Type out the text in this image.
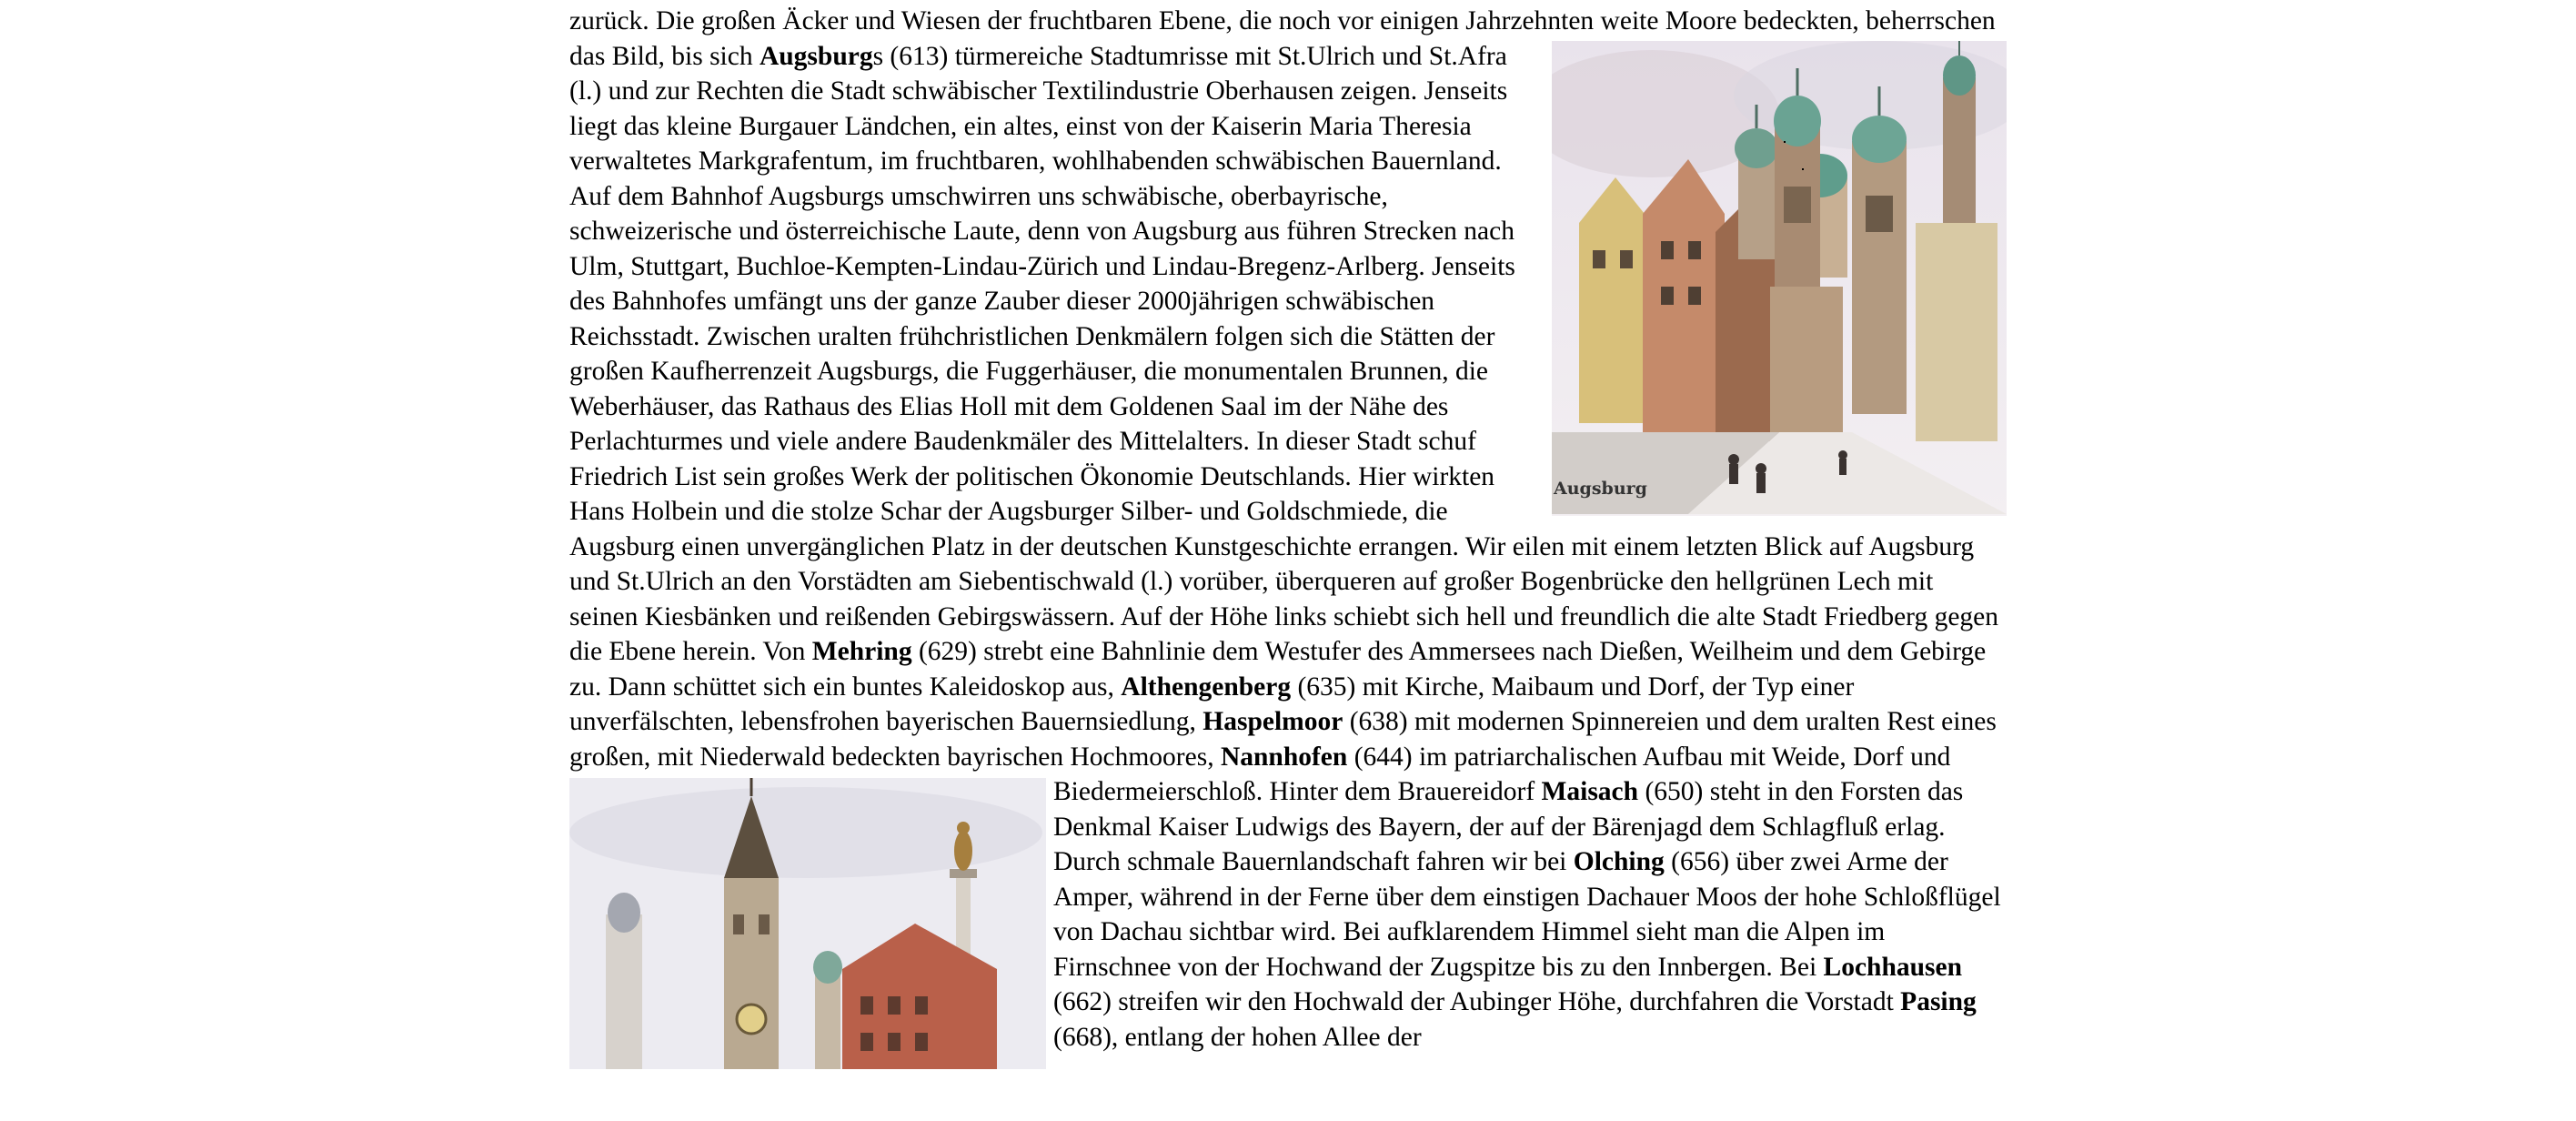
zurück. Die großen Äcker und Wiesen der fruchtbaren Ebene, die noch vor einigen Jahrzehnten weite Moore bedeckten, beherrschen das Bild, bis sich Augsburg
Augsburg
s (613) türmereiche Stadtumrisse mit St.Ulrich und St.Afra (l.) und zur Rechten die Stadt schwäbischer Textilindustrie Oberhausen zeigen. Jenseits liegt das kleine Burgauer Ländchen, ein altes, einst von der Kaiserin Maria Theresia verwaltetes Markgrafentum, im fruchtbaren, wohlhabenden schwäbischen Bauernland. Auf dem Bahnhof Augsburgs umschwirren uns schwäbische, oberbayrische, schweizerische und österreichische Laute, denn von Augsburg aus führen Strecken nach Ulm, Stuttgart, Buchloe-Kempten-Lindau-Zürich und Lindau-Bregenz-Arlberg. Jenseits des Bahnhofes umfängt uns der ganze Zauber dieser 2000jährigen schwäbischen Reichsstadt. Zwischen uralten frühchristlichen Denkmälern folgen sich die Stätten der großen Kaufherrenzeit Augsburgs, die Fuggerhäuser, die monumentalen Brunnen, die Weberhäuser, das Rathaus des Elias Holl mit dem Goldenen Saal im der Nähe des Perlachturmes und viele andere Baudenkmäler des Mittelalters. In dieser Stadt schuf Friedrich List sein großes Werk der politischen Ökonomie Deutschlands. Hier wirkten Hans Holbein und die stolze Schar der Augsburger Silber- und Goldschmiede, die Augsburg einen unvergänglichen Platz in der deutschen Kunstgeschichte errangen. Wir eilen mit einem letzten Blick auf Augsburg und St.Ulrich an den Vorstädten am Siebentischwald (l.) vorüber, überqueren auf großer Bogenbrücke den hellgrünen Lech mit seinen Kiesbänken und reißenden Gebirgswässern. Auf der Höhe links schiebt sich hell und freundlich die alte Stadt Friedberg gegen die Ebene herein. Von Mehring (629) strebt eine Bahnlinie dem Westufer des Ammersees nach Dießen, Weilheim und dem Gebirge zu. Dann schüttet sich ein buntes Kaleidoskop aus, Althengenberg (635) mit Kirche, Maibaum und Dorf, der Typ einer unverfälschten, lebensfrohen bayerischen Bauernsiedlung, Haspelmoor (638) mit modernen Spinnereien und dem uralten Rest eines großen, mit Niederwald bedeckten bayrischen Hochmoores, Nannhofen (644) im patriarchalischen Aufbau mit Weide, Dorf und

Biedermeierschloß. Hinter dem Brauereidorf Maisach (650) steht in den Forsten das Denkmal Kaiser Ludwigs des Bayern, der auf der Bärenjagd dem Schlagfluß erlag. Durch schmale Bauernlandschaft fahren wir bei Olching (656) über zwei Arme der Amper, während in der Ferne über dem einstigen Dachauer Moos der hohe Schloßflügel von Dachau sichtbar wird. Bei aufklarendem Himmel sieht man die Alpen im Firnschnee von der Hochwand der Zugspitze bis zu den Innbergen. Bei Lochhausen (662) streifen wir den Hochwald der Aubinger Höhe, durchfahren die Vorstadt Pasing (668), entlang der hohen Allee der
